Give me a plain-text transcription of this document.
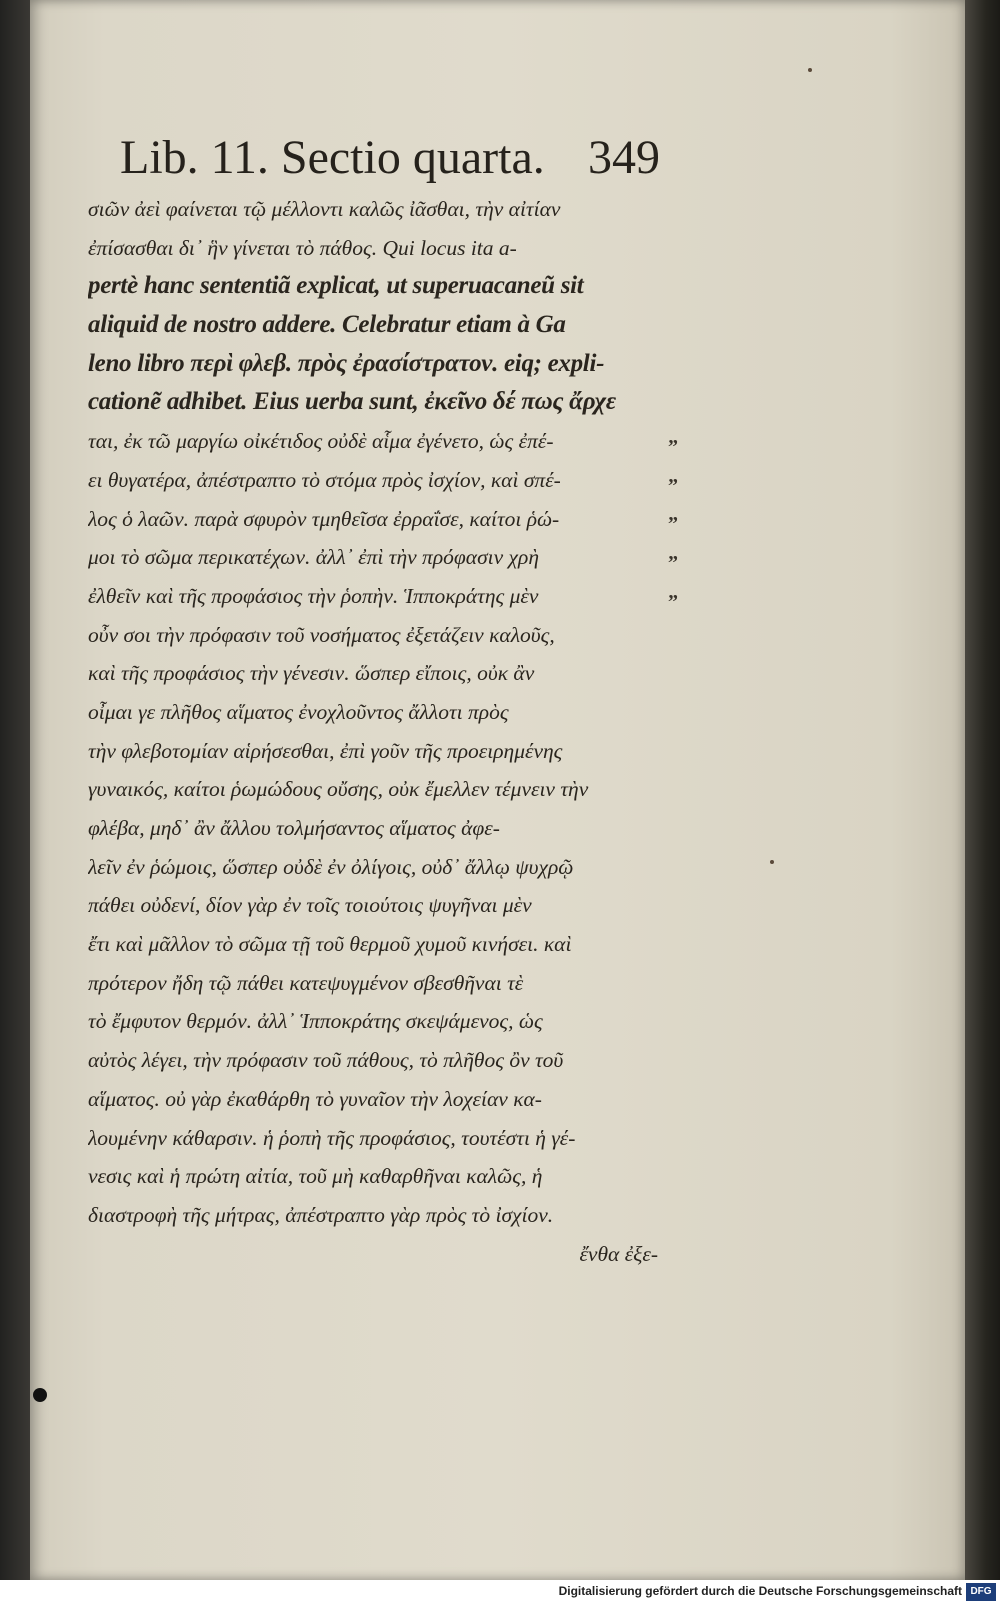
Lib. 11. Sectio quarta. 349
σιῶν ἀεὶ φαίνεται τῷ μέλλοντι καλῶς ἰᾶσθαι, τὴν αἰτίαν
ἐπίσασθαι δι᾽ ἣν γίνεται τὸ πάθος. Qui locus ita a-
pertè hanc sententiã explicat, ut superuacaneũ sit
aliquid de nostro addere. Celebratur etiam à Ga
leno libro περὶ φλεβ. πρὸς ἐρασίστρατον. eiq; expli-
cationẽ adhibet. Eius uerba sunt, ἐκεῖνο δέ πως ἄρχε
ται, ἐκ τῶ μαργίω οἰκέτιδος οὐδὲ αἷμα ἐγένετο, ὡς ἐπέ-
ει θυγατέρα, ἀπέστραπτο τὸ στόμα πρὸς ἰσχίον, καὶ σπέ-
λος ὁ λαῶν. παρὰ σφυρὸν τμηθεῖσα ἐρραΐσε, καίτοι ῥώ-
μοι τὸ σῶμα περικατέχων. ἀλλ᾽ ἐπὶ τὴν πρόφασιν χρὴ
ἐλθεῖν καὶ τῆς προφάσιος τὴν ῥοπὴν. Ἱπποκράτης μὲν
οὖν σοι τὴν πρόφασιν τοῦ νοσήματος ἐξετάζειν καλοῦς,
καὶ τῆς προφάσιος τὴν γένεσιν. ὥσπερ εἴποις, οὐκ ἂν
οἶμαι γε πλῆθος αἵματος ἐνοχλοῦντος ἄλλοτι πρὸς
τὴν φλεβοτομίαν αἱρήσεσθαι, ἐπὶ γοῦν τῆς προειρημένης
γυναικός, καίτοι ῥωμώδους οὔσης, οὐκ ἔμελλεν τέμνειν τὴν
φλέβα, μηδ᾽ ἂν ἄλλου τολμήσαντος αἵματος ἀφε-
λεῖν ἐν ῥώμοις, ὥσπερ οὐδὲ ἐν ὀλίγοις, οὐδ᾽ ἄλλῳ ψυχρῷ
πάθει οὐδενί, δίον γὰρ ἐν τοῖς τοιούτοις ψυγῆναι μὲν
ἔτι καὶ μᾶλλον τὸ σῶμα τῇ τοῦ θερμοῦ χυμοῦ κινήσει. καὶ
πρότερον ἤδη τῷ πάθει κατεψυγμένον σβεσθῆναι τὲ
τὸ ἔμφυτον θερμόν. ἀλλ᾽ Ἱπποκράτης σκεψάμενος, ὡς
αὐτὸς λέγει, τὴν πρόφασιν τοῦ πάθους, τὸ πλῆθος ὂν τοῦ
αἵματος. οὐ γὰρ ἐκαθάρθη τὸ γυναῖον τὴν λοχείαν κα-
λουμένην κάθαρσιν. ἡ ῥοπὴ τῆς προφάσιος, τουτέστι ἡ γέ-
νεσις καὶ ἡ πρώτη αἰτία, τοῦ μὴ καθαρθῆναι καλῶς, ἡ
διαστροφὴ τῆς μήτρας, ἀπέστραπτο γὰρ πρὸς τὸ ἰσχίον.
ἔνθα ἐξε-
”
”
”
”
”
Digitalisierung gefördert durch die Deutsche Forschungsgemeinschaft DFG
